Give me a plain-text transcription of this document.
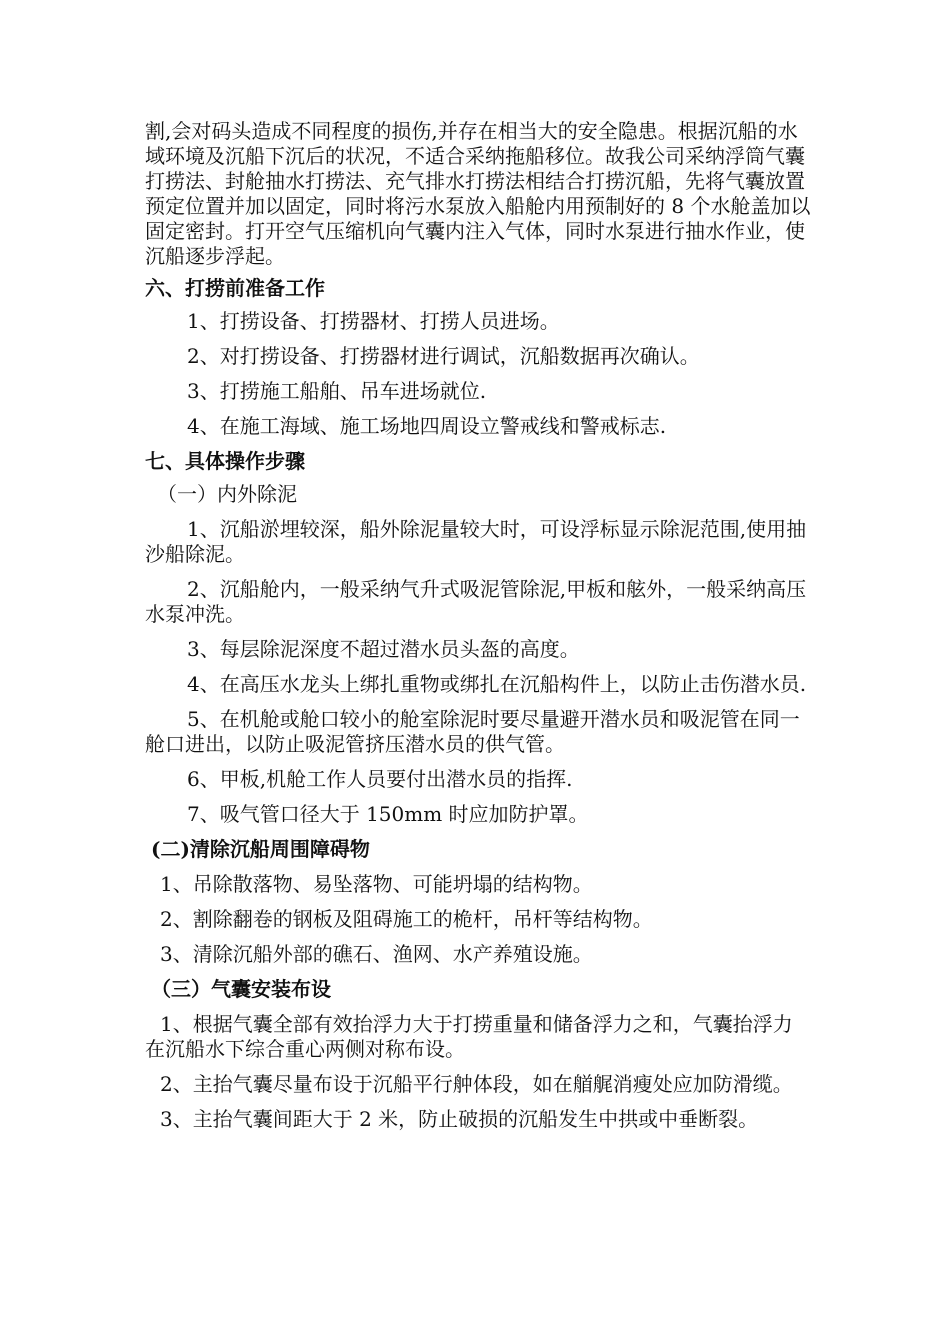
割,会对码头造成不同程度的损伤,并存在相当大的安全隐患。根据沉船的水域环境及沉船下沉后的状况，不适合采纳拖船移位。故我公司采纳浮筒气囊打捞法、封舱抽水打捞法、充气排水打捞法相结合打捞沉船，先将气囊放置预定位置并加以固定，同时将污水泵放入船舱内用预制好的 8 个水舱盖加以固定密封。打开空气压缩机向气囊内注入气体，同时水泵进行抽水作业，使沉船逐步浮起。

六、打捞前准备工作

1、打捞设备、打捞器材、打捞人员进场。

2、对打捞设备、打捞器材进行调试，沉船数据再次确认。

3、打捞施工船舶、吊车进场就位.

4、在施工海域、施工场地四周设立警戒线和警戒标志.

七、具体操作步骤

（一）内外除泥

1、沉船淤埋较深，船外除泥量较大时，可设浮标显示除泥范围,使用抽沙船除泥。

2、沉船舱内，一般采纳气升式吸泥管除泥,甲板和舷外，一般采纳高压水泵冲洗。

3、每层除泥深度不超过潜水员头盔的高度。

4、在高压水龙头上绑扎重物或绑扎在沉船构件上，以防止击伤潜水员.

5、在机舱或舱口较小的舱室除泥时要尽量避开潜水员和吸泥管在同一舱口进出，以防止吸泥管挤压潜水员的供气管。

6、甲板,机舱工作人员要付出潜水员的指挥.

7、吸气管口径大于 150mm 时应加防护罩。

(二)清除沉船周围障碍物

1、吊除散落物、易坠落物、可能坍塌的结构物。

2、割除翻卷的钢板及阻碍施工的桅杆，吊杆等结构物。

3、清除沉船外部的礁石、渔网、水产养殖设施。

（三）气囊安装布设

1、根据气囊全部有效抬浮力大于打捞重量和储备浮力之和，气囊抬浮力在沉船水下综合重心两侧对称布设。

2、主抬气囊尽量布设于沉船平行舯体段，如在艏艉消瘦处应加防滑缆。

3、主抬气囊间距大于 2 米，防止破损的沉船发生中拱或中垂断裂。
